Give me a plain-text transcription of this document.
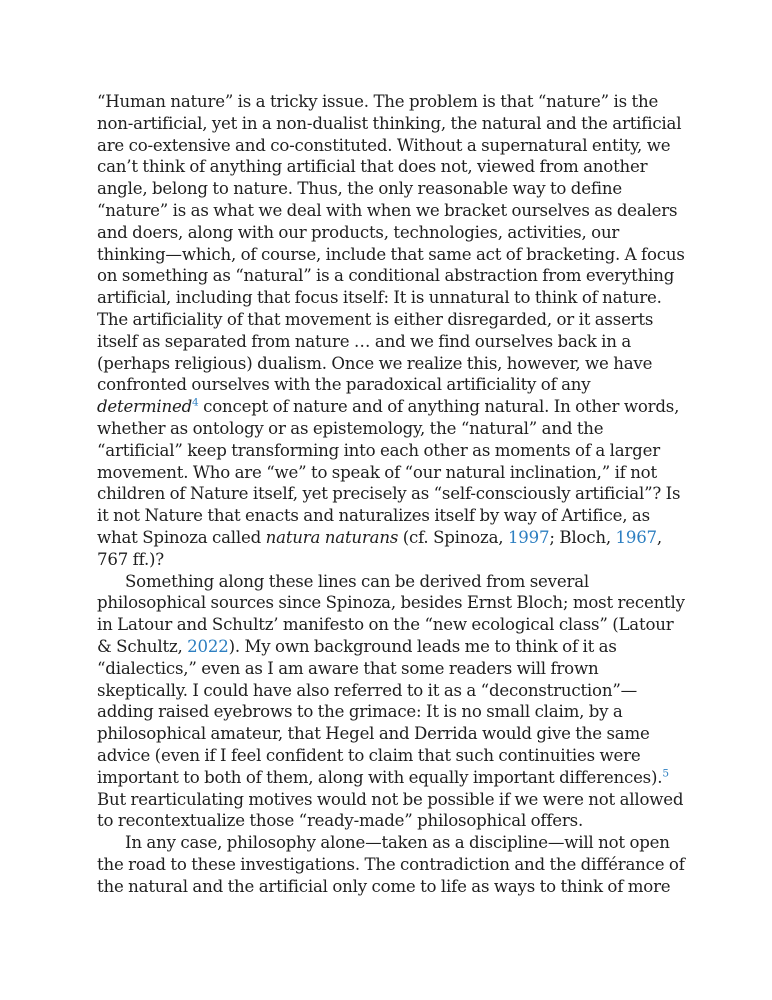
“Human nature” is a tricky issue. The problem is that “nature” is the non-artificial, yet in a non-dualist thinking, the natural and the artificial are co-extensive and co-constituted. Without a supernatural entity, we can’t think of anything artificial that does not, viewed from another angle, belong to nature. Thus, the only reasonable way to define “nature” is as what we deal with when we bracket ourselves as dealers and doers, along with our products, technologies, activities, our thinking—which, of course, include that same act of bracketing. A focus on something as “natural” is a conditional abstraction from everything artificial, including that focus itself: It is unnatural to think of nature. The artificiality of that movement is either disregarded, or it asserts itself as separated from nature … and we find ourselves back in a (perhaps religious) dualism. Once we realize this, however, we have confronted ourselves with the paradoxical artificiality of any determined$^4$ concept of nature and of anything natural. In other words, whether as ontology or as epistemology, the “natural” and the “artificial” keep transforming into each other as moments of a larger movement. Who are “we” to speak of “our natural inclination,” if not children of Nature itself, yet precisely as “self-consciously artificial”? Is it not Nature that enacts and naturalizes itself by way of Artifice, as what Spinoza called natura naturans (cf. Spinoza, 1997; Bloch, 1967, 767 ff.)?

Something along these lines can be derived from several philosophical sources since Spinoza, besides Ernst Bloch; most recently in Latour and Schultz’ manifesto on the “new ecological class” (Latour & Schultz, 2022). My own background leads me to think of it as “dialectics,” even as I am aware that some readers will frown skeptically. I could have also referred to it as a “deconstruction”—adding raised eyebrows to the grimace: It is no small claim, by a philosophical amateur, that Hegel and Derrida would give the same advice (even if I feel confident to claim that such continuities were important to both of them, along with equally important differences).$^5$ But rearticulating motives would not be possible if we were not allowed to recontextualize those “ready-made” philosophical offers.

In any case, philosophy alone—taken as a discipline—will not open the road to these investigations. The contradiction and the différance of the natural and the artificial only come to life as ways to think of more
